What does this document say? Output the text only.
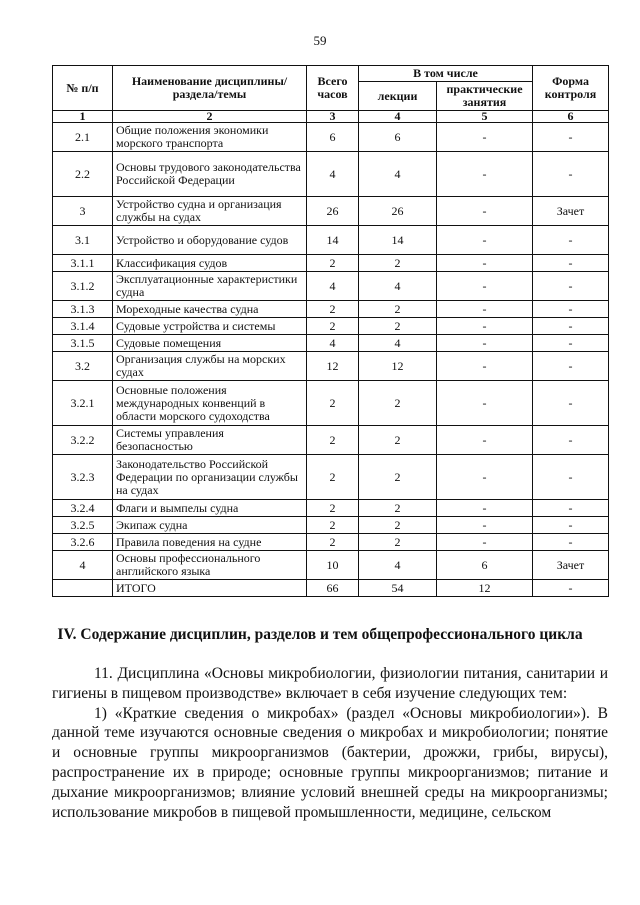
59
№ п/п	Наименование дисциплины/раздела/темы	Всего часов	В том числе		Форма контроля
			лекции	практические занятия	
1	2	3	4	5	6
2.1	Общие положения экономики морского транспорта	6	6	-	-
2.2	Основы трудового законодательства Российской Федерации	4	4	-	-
3	Устройство судна и организация службы на судах	26	26	-	Зачет
3.1	Устройство и оборудование судов	14	14	-	-
3.1.1	Классификация судов	2	2	-	-
3.1.2	Эксплуатационные характеристики судна	4	4	-	-
3.1.3	Мореходные качества судна	2	2	-	-
3.1.4	Судовые устройства и системы	2	2	-	-
3.1.5	Судовые помещения	4	4	-	-
3.2	Организация службы на морских судах	12	12	-	-
3.2.1	Основные положения международных конвенций в области морского судоходства	2	2	-	-
3.2.2	Системы управления безопасностью	2	2	-	-
3.2.3	Законодательство Российской Федерации по организации службы на судах	2	2	-	-
3.2.4	Флаги и вымпелы судна	2	2	-	-
3.2.5	Экипаж судна	2	2	-	-
3.2.6	Правила поведения на судне	2	2	-	-
4	Основы профессионального английского языка	10	4	6	Зачет
	ИТОГО	66	54	12	-
IV. Содержание дисциплин, разделов и тем общепрофессионального цикла

11. Дисциплина «Основы микробиологии, физиологии питания, санитарии и гигиены в пищевом производстве» включает в себя изучение следующих тем:

1) «Краткие сведения о микробах» (раздел «Основы микробиологии»). В данной теме изучаются основные сведения о микробах и микробиологии; понятие и основные группы микроорганизмов (бактерии, дрожжи, грибы, вирусы), распространение их в природе; основные группы микроорганизмов; питание и дыхание микроорганизмов; влияние условий внешней среды на микроорганизмы; использование микробов в пищевой промышленности, медицине, сельском
